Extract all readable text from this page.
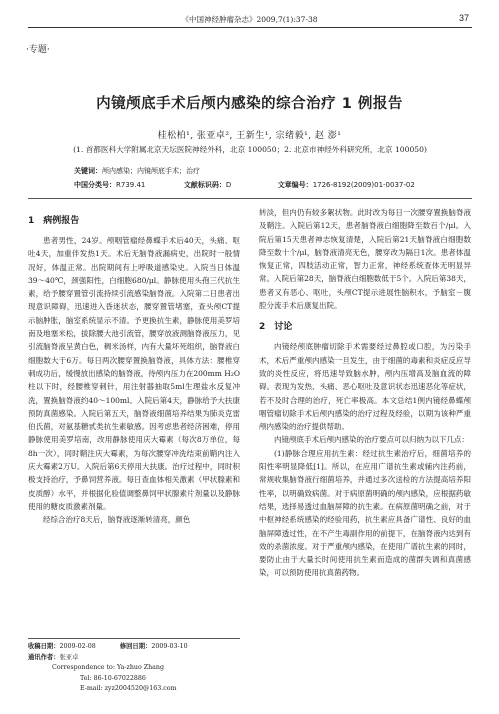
《中国神经肿瘤杂志》2009,7(1):37-38	37
·专题·
内镜颅底手术后颅内感染的综合治疗 1 例报告
桂松柏¹, 张亚卓², 王新生¹, 宗绪毅¹, 赵 澎¹
(1. 首都医科大学附属北京天坛医院神经外科，北京 100050；2. 北京市神经外科研究所，北京 100050)
关键词：颅内感染；内镜颅底手术；治疗
中国分类号：R739.41	文献标识码：D	文章编号：1726-8192(2009)01-0037-02
1　病例报告

患者男性，24岁。颅咽管瘤经鼻蝶手术后40天，头痛、呕吐4天，加重伴发热1天。术后无脑脊液漏病史，出院时一般情况好，体温正常。出院期间有上呼吸道感染史。入院当日体温39～40℃，颈强阳性，白细胞680/μl。静脉使用头孢三代抗生素，给予腰穿置管引流持续引流感染脑脊液。入院第二日患者出现意识障碍，迅速进入昏迷状态，腰穿置管堵塞，查头颅CT提示脑肿胀，脑室系统显示不清。予更换抗生素，静脉使用美罗培南及地塞米松，拔除腰大池引流管，腰穿放液测脑脊液压力，见引流脑脊液呈黄白色，稠米汤样，内有大量坏死组织，脑脊液白细胞数大于6万。每日两次腰穿置换脑脊液，具体方法：腰椎穿刺成功后，缓慢放出感染的脑脊液，待颅内压力在200mm H₂O柱以下时，经腰椎穿刺针，用注射器抽取5ml生理盐水反复冲洗，置换脑脊液约40～100ml。入院后第4天，静脉给予大扶康预防真菌感染。入院后第五天，脑脊液细菌培养结果为肺炎克雷伯氏菌，对氨基糖甙类抗生素敏感。因考虑患者经济困难，停用静脉使用美罗培南，改用静脉使用庆大霉素（每次8万单位，每8h一次），同时鞘注庆大霉素，为每次腰穿冲洗结束前鞘内注入庆大霉素2万U。入院后第6天停用大扶康。治疗过程中，同时积极支持治疗，予鼻饲营养液。每日查血体相关激素（甲状腺素和皮质醇）水平，并根据化验值调整鼻饲甲状腺素片剂量以及静脉使用的糖皮质激素剂量。

经综合治疗8天后，脑脊液逐渐转清亮，颜色

转淡，但内仍有较多絮状物。此时改为每日一次腰穿置换脑脊液及鞘注。入院后第12天，患者脑脊液白细胞降至数百个/μl。入院后第15天患者神志恢复清楚，入院后第21天脑脊液白细胞数降至数十个/μl，脑脊液清亮无色，腰穿改为隔日1次。患者体温恢复正常，四肢活动正常，智力正常，神经系统查体无明显异常。入院后第28天，脑脊液白细胞数低于5个。入院后第38天，患者又有恶心、呕吐，头颅CT提示进展性脑积水，予脑室－腹腔分流手术后康复出院。

2　讨论

内镜经颅底肿瘤切除手术需要经过鼻腔或口腔，为污染手术，术后严重颅内感染一旦发生，由于细菌的毒素和炎症反应导致的炎性反应，将迅速导致脑水肿，颅内压增高及脑血流的障碍。表现为发热、头痛、恶心呕吐及意识状态迅速恶化等症状，若不及时合理的治疗，死亡率极高。本文总结1例内镜经鼻蝶颅咽管瘤切除手术后颅内感染的治疗过程及经验，以期为该种严重颅内感染的治疗提供帮助。

内镜颅底手术后颅内感染的治疗要点可以归纳为以下几点：

(1)静脉合理应用抗生素：经过抗生素治疗后，细菌培养的阳性率明显降低[1]。所以，在应用广谱抗生素或辅内注药前，常规收集脑脊液行细菌培养，并通过多次送检的方法提高培养阳性率，以明确致病菌。对于病原菌明确的颅内感染，应根据药敏结果，选择易透过血脑屏障的抗生素。在病原菌明确之前，对于中枢神经系统感染的经验用药，抗生素应具备广谱性、良好的血脑屏障透过性，在不产生毒副作用的前提下，在脑脊液内达到有效的杀菌浓度。对于严重颅内感染，在使用广谱抗生素的同时，要防止由于大量长时间使用抗生素而造成的菌群失调和真菌感染，可以预防使用抗真菌药物。

收稿日期：2009-02-08	修回日期：2009-03-10
通讯作者：张亚卓
Correspondence to: Ya-zhuo Zhang
Tel: 86-10-67022886
E-mail: zyz2004520@163.com
